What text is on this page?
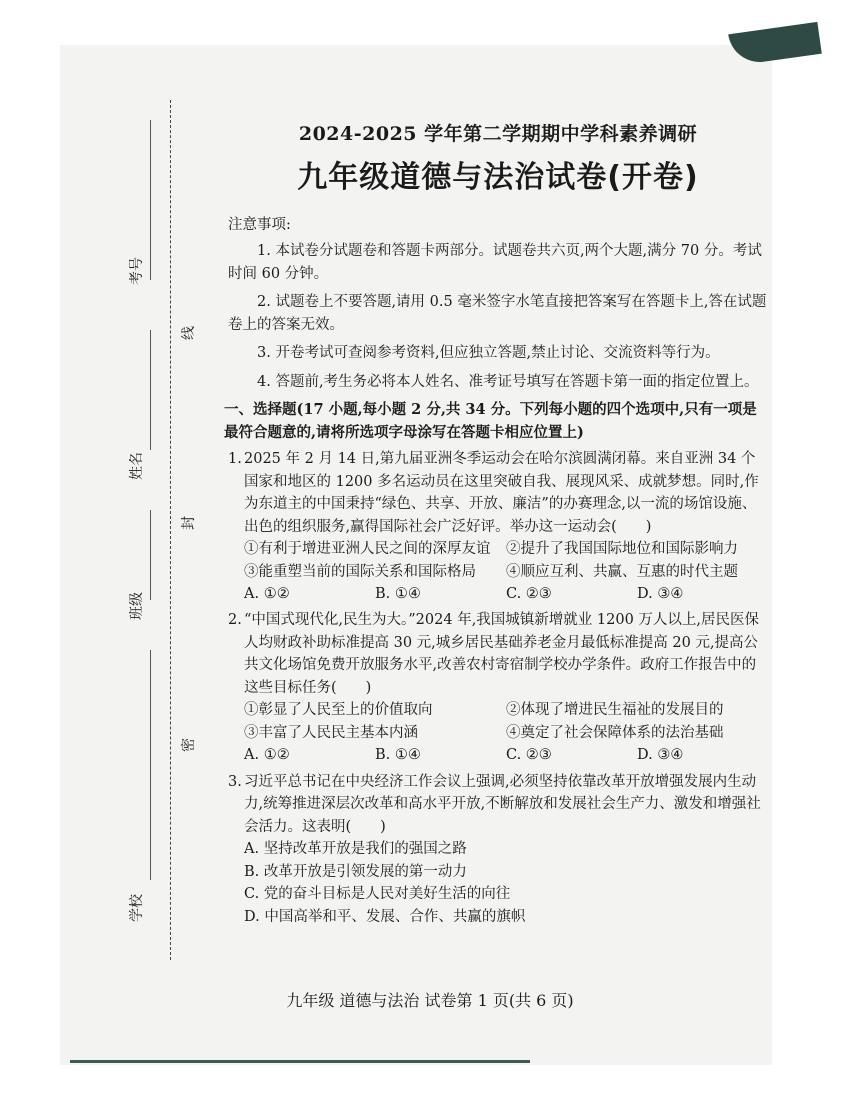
线
封
密
考号
姓名
班级
学校

2024-2025 学年第二学期期中学科素养调研

九年级道德与法治试卷(开卷)

注意事项:

1. 本试卷分试题卷和答题卡两部分。试题卷共六页,两个大题,满分 70 分。考试时间 60 分钟。

2. 试题卷上不要答题,请用 0.5 毫米签字水笔直接把答案写在答题卡上,答在试题卷上的答案无效。

3. 开卷考试可查阅参考资料,但应独立答题,禁止讨论、交流资料等行为。

4. 答题前,考生务必将本人姓名、准考证号填写在答题卡第一面的指定位置上。

一、选择题(17 小题,每小题 2 分,共 34 分。下列每小题的四个选项中,只有一项是最符合题意的,请将所选项字母涂写在答题卡相应位置上)

1. 2025 年 2 月 14 日,第九届亚洲冬季运动会在哈尔滨圆满闭幕。来自亚洲 34 个国家和地区的 1200 多名运动员在这里突破自我、展现风采、成就梦想。同时,作为东道主的中国秉持“绿色、共享、开放、廉洁”的办赛理念,以一流的场馆设施、出色的组织服务,赢得国际社会广泛好评。举办这一运动会(　　)
①有利于增进亚洲人民之间的深厚友谊	②提升了我国国际地位和国际影响力
③能重塑当前的国际关系和国际格局	④顺应互利、共赢、互惠的时代主题
A. ①②	B. ①④	C. ②③	D. ③④
2. “中国式现代化,民生为大。”2024 年,我国城镇新增就业 1200 万人以上,居民医保人均财政补助标准提高 30 元,城乡居民基础养老金月最低标准提高 20 元,提高公共文化场馆免费开放服务水平,改善农村寄宿制学校办学条件。政府工作报告中的这些目标任务(　　)
①彰显了人民至上的价值取向	②体现了增进民生福祉的发展目的
③丰富了人民民主基本内涵	④奠定了社会保障体系的法治基础
A. ①②	B. ①④	C. ②③	D. ③④
3. 习近平总书记在中央经济工作会议上强调,必须坚持依靠改革开放增强发展内生动力,统筹推进深层次改革和高水平开放,不断解放和发展社会生产力、激发和增强社会活力。这表明(　　)

A. 坚持改革开放是我们的强国之路

B. 改革开放是引领发展的第一动力

C. 党的奋斗目标是人民对美好生活的向往

D. 中国高举和平、发展、合作、共赢的旗帜

九年级 道德与法治 试卷第 1 页(共 6 页)
